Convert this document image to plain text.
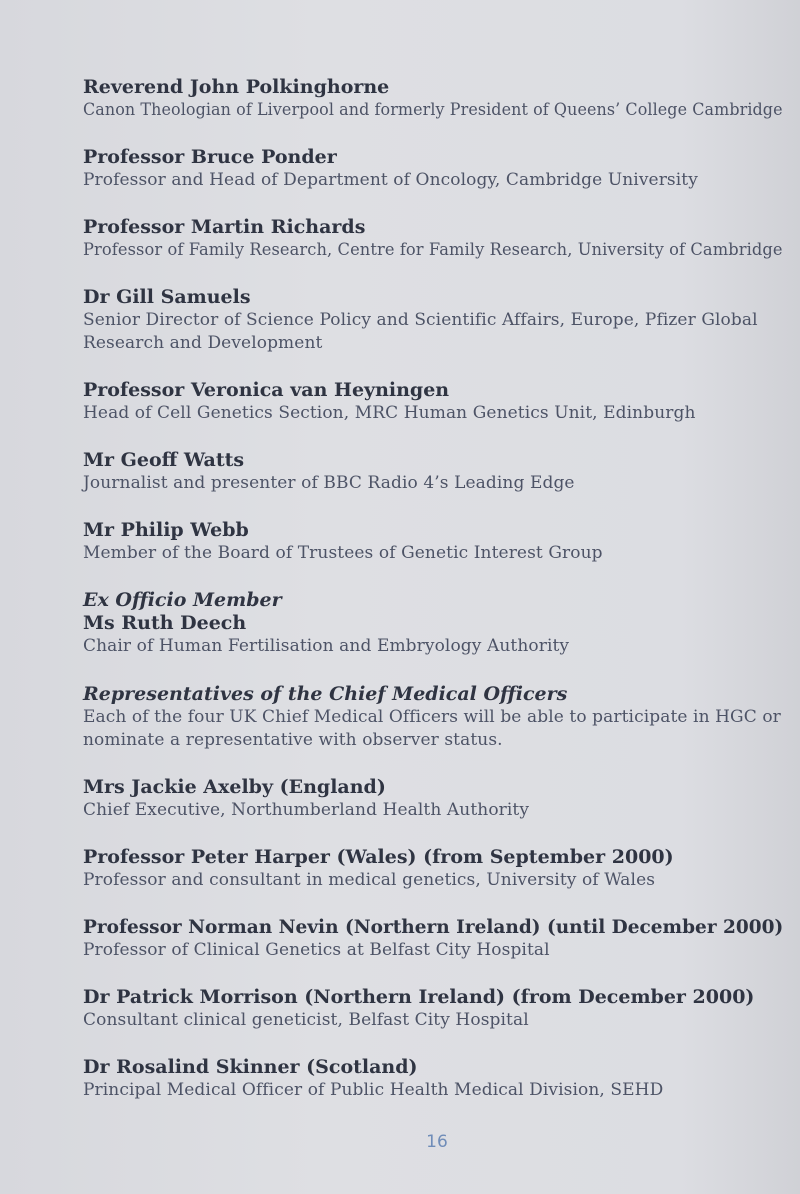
Reverend John Polkinghorne
Canon Theologian of Liverpool and formerly President of Queens’ College Cambridge
Professor Bruce Ponder
Professor and Head of Department of Oncology, Cambridge University
Professor Martin Richards
Professor of Family Research, Centre for Family Research, University of Cambridge
Dr Gill Samuels
Senior Director of Science Policy and Scientific Affairs, Europe, Pfizer Global Research and Development
Professor Veronica van Heyningen
Head of Cell Genetics Section, MRC Human Genetics Unit, Edinburgh
Mr Geoff Watts
Journalist and presenter of BBC Radio 4’s Leading Edge
Mr Philip Webb
Member of the Board of Trustees of Genetic Interest Group
Ex Officio Member
Ms Ruth Deech
Chair of Human Fertilisation and Embryology Authority
Representatives of the Chief Medical Officers
Each of the four UK Chief Medical Officers will be able to participate in HGC or nominate a representative with observer status.
Mrs Jackie Axelby (England)
Chief Executive, Northumberland Health Authority
Professor Peter Harper (Wales) (from September 2000)
Professor and consultant in medical genetics, University of Wales
Professor Norman Nevin (Northern Ireland) (until December 2000)
Professor of Clinical Genetics at Belfast City Hospital
Dr Patrick Morrison (Northern Ireland) (from December 2000)
Consultant clinical geneticist, Belfast City Hospital
Dr Rosalind Skinner (Scotland)
Principal Medical Officer of Public Health Medical Division, SEHD
16
